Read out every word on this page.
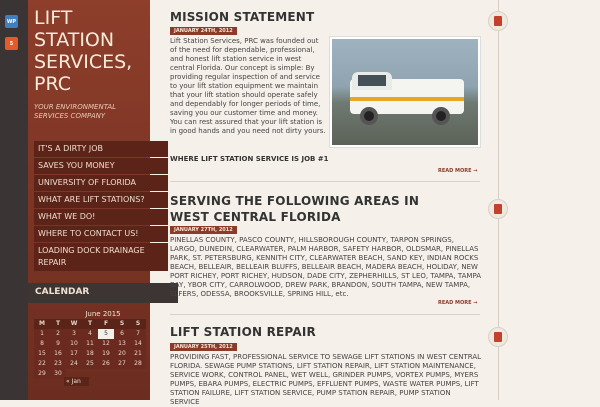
WP
5
LIFT STATION SERVICES, PRC
YOUR ENVIRONMENTAL SERVICES COMPANY
IT'S A DIRTY JOB
SAVES YOU MONEY
UNIVERSITY OF FLORIDA
WHAT ARE LIFT STATIONS?
WHAT WE DO!
WHERE TO CONTACT US!
LOADING DOCK DRAINAGE REPAIR
CALENDAR
June 2015
M	T	W	T	F	S	S
1	2	3	4	5	6	7
8	9	10	11	12	13	14
15	16	17	18	19	20	21
22	23	24	25	26	27	28
29	30					
« Jan
MISSION STATEMENT
JANUARY 24TH, 2012
Lift Station Services, PRC was founded out of the need for dependable, professional, and honest lift station service in west central Florida. Our concept is simple: By providing regular inspection of and service to your lift station equipment we maintain that your lift station should operate safely and dependably for longer periods of time, saving you our customer time and money. You can rest assured that your lift station is in good hands and you need not dirty yours.
WHERE LIFT STATION SERVICE IS JOB #1
READ MORE →
SERVING THE FOLLOWING AREAS IN WEST CENTRAL FLORIDA
JANUARY 27TH, 2012
PINELLAS COUNTY, PASCO COUNTY, HILLSBOROUGH COUNTY, TARPON SPRINGS, LARGO, DUNEDIN, CLEARWATER, PALM HARBOR, SAFETY HARBOR, OLDSMAR, PINELLAS PARK, ST. PETERSBURG, KENNITH CITY, CLEARWATER BEACH, SAND KEY, INDIAN ROCKS BEACH, BELLEAIR, BELLEAIR BLUFFS, BELLEAIR BEACH, MADERA BEACH, HOLIDAY, NEW PORT RICHEY, PORT RICHEY, HUDSON, DADE CITY, ZEPHERHILLS, ST LEO, TAMPA, TAMPA BAY, YBOR CITY, CARROLWOOD, DREW PARK, BRANDON, SOUTH TAMPA, NEW TAMPA, ELFERS, ODESSA, BROOKSVILLE, SPRING HILL, etc.
READ MORE →
LIFT STATION REPAIR
JANUARY 25TH, 2012
PROVIDING FAST, PROFESSIONAL SERVICE TO SEWAGE LIFT STATIONS IN WEST CENTRAL FLORIDA. SEWAGE PUMP STATIONS, LIFT STATION REPAIR, LIFT STATION MAINTENANCE, SERVICE WORK, CONTROL PANEL, WET WELL, GRINDER PUMPS, VORTEX PUMPS, MYERS PUMPS, EBARA PUMPS, ELECTRIC PUMPS, EFFLUENT PUMPS, WASTE WATER PUMPS, LIFT STATION FAILURE, LIFT STATION SERVICE, PUMP STATION REPAIR, PUMP STATION SERVICE
